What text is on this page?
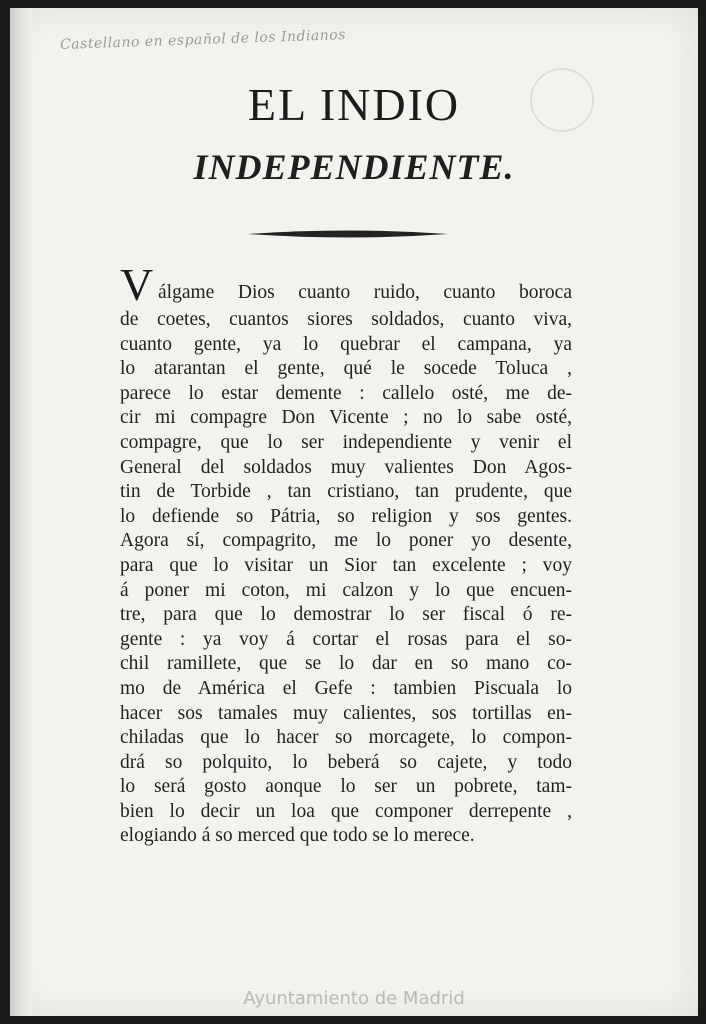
Castellano en español de los Indianos
EL INDIO
INDEPENDIENTE.
V álgame Dios cuanto ruido, cuanto boroca
de coetes, cuantos siores soldados, cuanto viva,
cuanto gente, ya lo quebrar el campana, ya
lo atarantan el gente, qué le socede Toluca ,
parece lo estar demente : callelo osté, me de-
cir mi compagre Don Vicente ; no lo sabe osté,
compagre, que lo ser independiente y venir el
General del soldados muy valientes Don Agos-
tin de Torbide , tan cristiano, tan prudente, que
lo defiende so Pátria, so religion y sos gentes.
Agora sí, compagrito, me lo poner yo desente,
para que lo visitar un Sior tan excelente ; voy
á poner mi coton, mi calzon y lo que encuen-
tre, para que lo demostrar lo ser fiscal ó re-
gente : ya voy á cortar el rosas para el so-
chil ramillete, que se lo dar en so mano co-
mo de América el Gefe : tambien Piscuala lo
hacer sos tamales muy calientes, sos tortillas en-
chiladas que lo hacer so morcagete, lo compon-
drá so polquito, lo beberá so cajete, y todo
lo será gosto aonque lo ser un pobrete, tam-
bien lo decir un loa que componer derrepente ,
elogiando á so merced que todo se lo merece.
Ayuntamiento de Madrid
